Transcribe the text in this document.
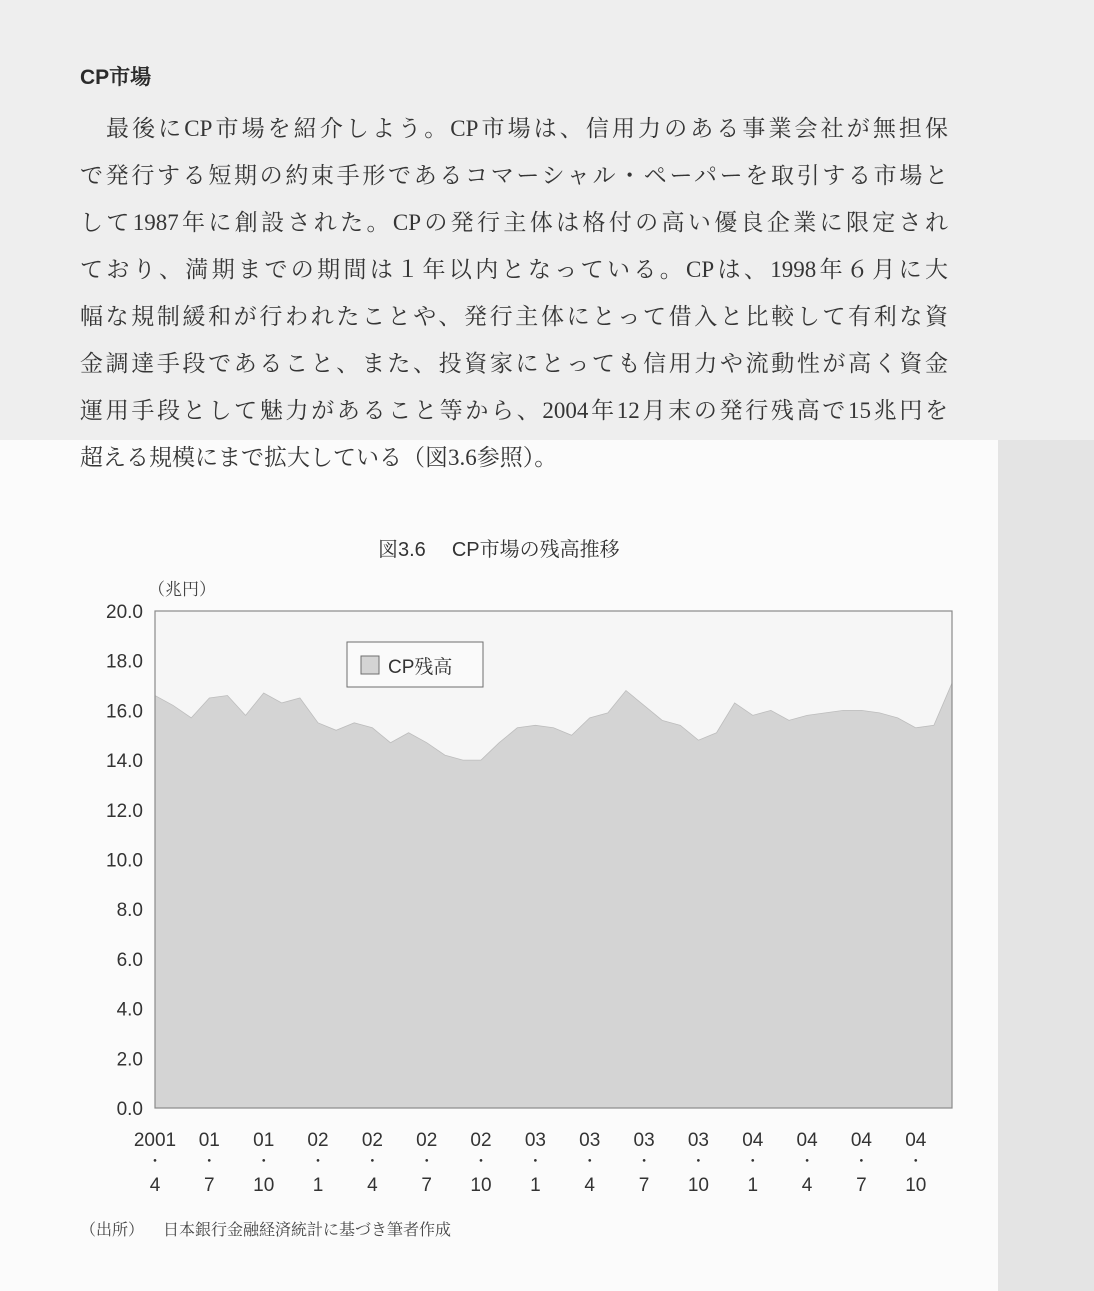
CP市場
最後にCP市場を紹介しよう。CP市場は、信用力のある事業会社が無担保
で発行する短期の約束手形であるコマーシャル・ペーパーを取引する市場と
して1987年に創設された。CPの発行主体は格付の高い優良企業に限定され
ており、満期までの期間は１年以内となっている。CPは、1998年６月に大
幅な規制緩和が行われたことや、発行主体にとって借入と比較して有利な資
金調達手段であること、また、投資家にとっても信用力や流動性が高く資金
運用手段として魅力があること等から、2004年12月末の発行残高で15兆円を
超える規模にまで拡大している（図3.6参照）。
図3.6 CP市場の残高推移
（兆円）
CP残高
20.0
18.0
16.0
14.0
12.0
10.0
8.0
6.0
4.0
2.0
0.0
2001
・
4
01
・
7
01
・
10
02
・
1
02
・
4
02
・
7
02
・
10
03
・
1
03
・
4
03
・
7
03
・
10
04
・
1
04
・
4
04
・
7
04
・
10
（出所） 日本銀行金融経済統計に基づき筆者作成
